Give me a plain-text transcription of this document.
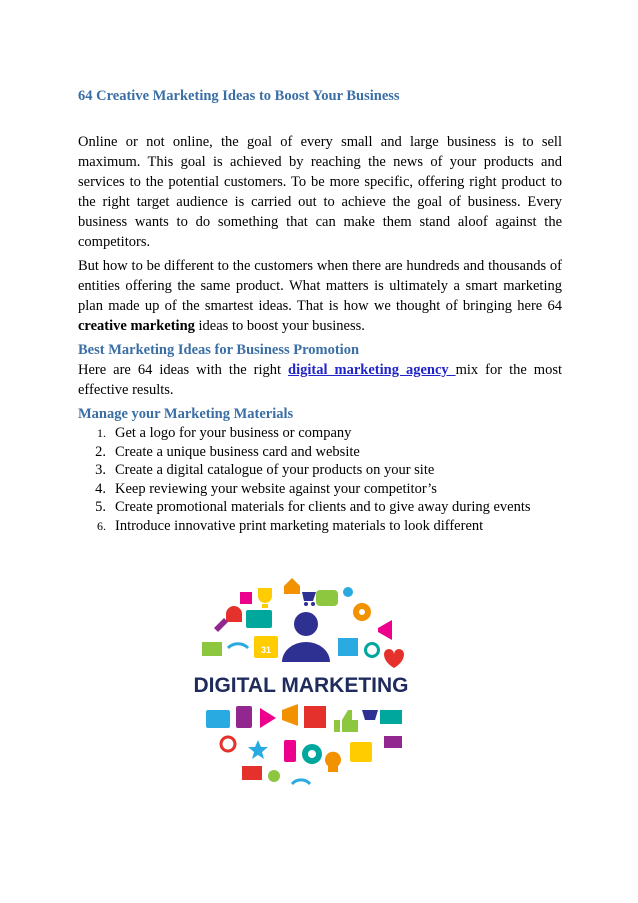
64 Creative Marketing Ideas to Boost Your Business

Online or not online, the goal of every small and large business is to sell maximum. This goal is achieved by reaching the news of your products and services to the potential customers. To be more specific, offering right product to the right target audience is carried out to achieve the goal of business. Every business wants to do something that can make them stand aloof against the competitors.

But how to be different to the customers when there are hundreds and thousands of entities offering the same product. What matters is ultimately a smart marketing plan made up of the smartest ideas. That is how we thought of bringing here 64 creative marketing ideas to boost your business.

Best Marketing Ideas for Business Promotion

Here are 64 ideas with the right digital marketing agency mix for the most effective results.

Manage your Marketing Materials
1. Get a logo for your business or company
2. Create a unique business card and website
3. Create a digital catalogue of your products on your site
4. Keep reviewing your website against your competitor’s
5. Create promotional materials for clients and to give away during events
6. Introduce innovative print marketing materials to look different
31
DIGITAL MARKETING
